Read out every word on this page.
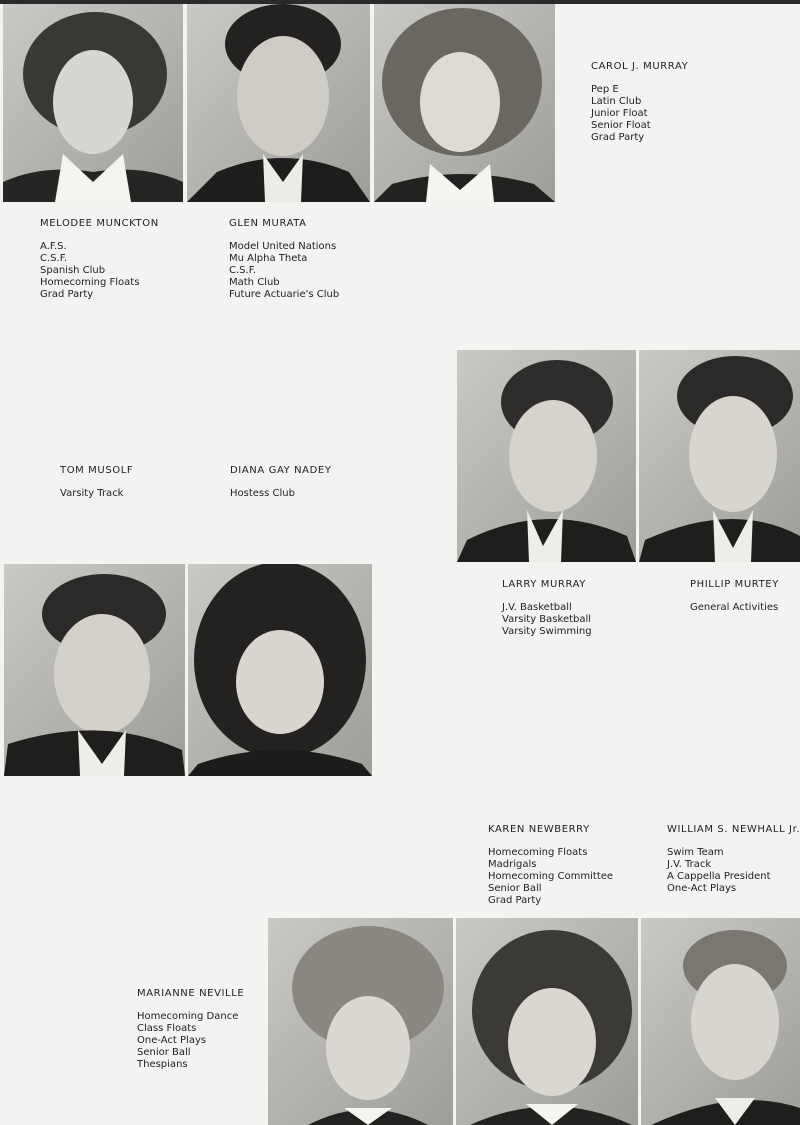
CAROL J. MURRAY
Pep E
Latin Club
Junior Float
Senior Float
Grad Party
MELODEE MUNCKTON
A.F.S.
C.S.F.
Spanish Club
Homecoming Floats
Grad Party
GLEN MURATA
Model United Nations
Mu Alpha Theta
C.S.F.
Math Club
Future Actuarie's Club
TOM MUSOLF
Varsity Track
DIANA GAY NADEY
Hostess Club
LARRY MURRAY
J.V. Basketball
Varsity Basketball
Varsity Swimming
PHILLIP MURTEY
General Activities
KAREN NEWBERRY
Homecoming Floats
Madrigals
Homecoming Committee
Senior Ball
Grad Party
WILLIAM S. NEWHALL Jr.
Swim Team
J.V. Track
A Cappella President
One-Act Plays
MARIANNE NEVILLE
Homecoming Dance
Class Floats
One-Act Plays
Senior Ball
Thespians
